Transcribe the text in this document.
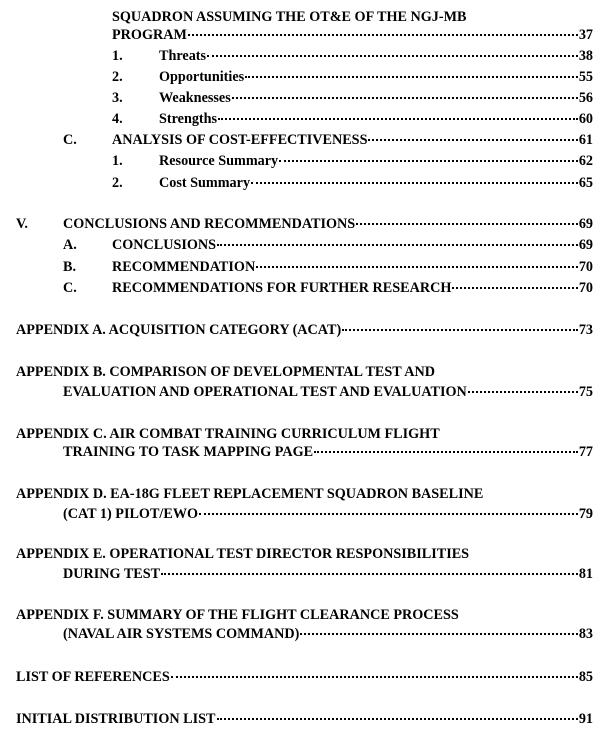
SQUADRON ASSUMING THE OT&E OF THE NGJ-MB
PROGRAM	37
1.	Threats	38
2.	Opportunities	55
3.	Weaknesses	56
4.	Strengths	60
C. ANALYSIS OF COST-EFFECTIVENESS	61
1.	Resource Summary	62
2.	Cost Summary	65
V. CONCLUSIONS AND RECOMMENDATIONS	69
A. CONCLUSIONS	69
B.	RECOMMENDATION	70
C. RECOMMENDATIONS FOR FURTHER RESEARCH	70
APPENDIX A. ACQUISITION CATEGORY (ACAT)	73
APPENDIX B. COMPARISON OF DEVELOPMENTAL TEST AND
EVALUATION AND OPERATIONAL TEST AND EVALUATION	75
APPENDIX C. AIR COMBAT TRAINING CURRICULUM FLIGHT
TRAINING TO TASK MAPPING PAGE	77
APPENDIX D. EA-18G FLEET REPLACEMENT SQUADRON BASELINE
(CAT 1) PILOT/EWO	79
APPENDIX E. OPERATIONAL TEST DIRECTOR RESPONSIBILITIES
DURING TEST	81
APPENDIX F. SUMMARY OF THE FLIGHT CLEARANCE PROCESS
(NAVAL AIR SYSTEMS COMMAND)	83
LIST OF REFERENCES	85
INITIAL DISTRIBUTION LIST	91
